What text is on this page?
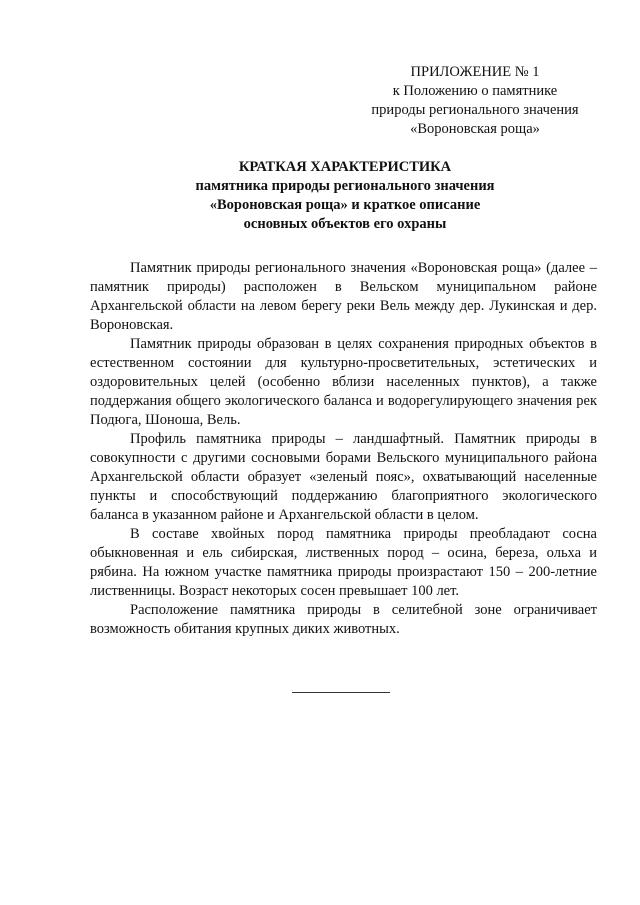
ПРИЛОЖЕНИЕ № 1
к Положению о памятнике
природы регионального значения
«Вороновская роща»
КРАТКАЯ ХАРАКТЕРИСТИКА
памятника природы регионального значения
«Вороновская роща» и краткое описание
основных объектов его охраны

Памятник природы регионального значения «Вороновская роща» (далее – памятник природы) расположен в Вельском муниципальном районе Архангельской области на левом берегу реки Вель между дер. Лукинская и дер. Вороновская.

Памятник природы образован в целях сохранения природных объектов в естественном состоянии для культурно-просветительных, эстетических и оздоровительных целей (особенно вблизи населенных пунктов), а также поддержания общего экологического баланса и водорегулирующего значения рек Подюга, Шоноша, Вель.

Профиль памятника природы – ландшафтный. Памятник природы в совокупности с другими сосновыми борами Вельского муниципального района Архангельской области образует «зеленый пояс», охватывающий населенные пункты и способствующий поддержанию благоприятного экологического баланса в указанном районе и Архангельской области в целом.

В составе хвойных пород памятника природы преобладают сосна обыкновенная и ель сибирская, лиственных пород – осина, береза, ольха и рябина. На южном участке памятника природы произрастают 150 – 200-летние лиственницы. Возраст некоторых сосен превышает 100 лет.

Расположение памятника природы в селитебной зоне ограничивает возможность обитания крупных диких животных.
